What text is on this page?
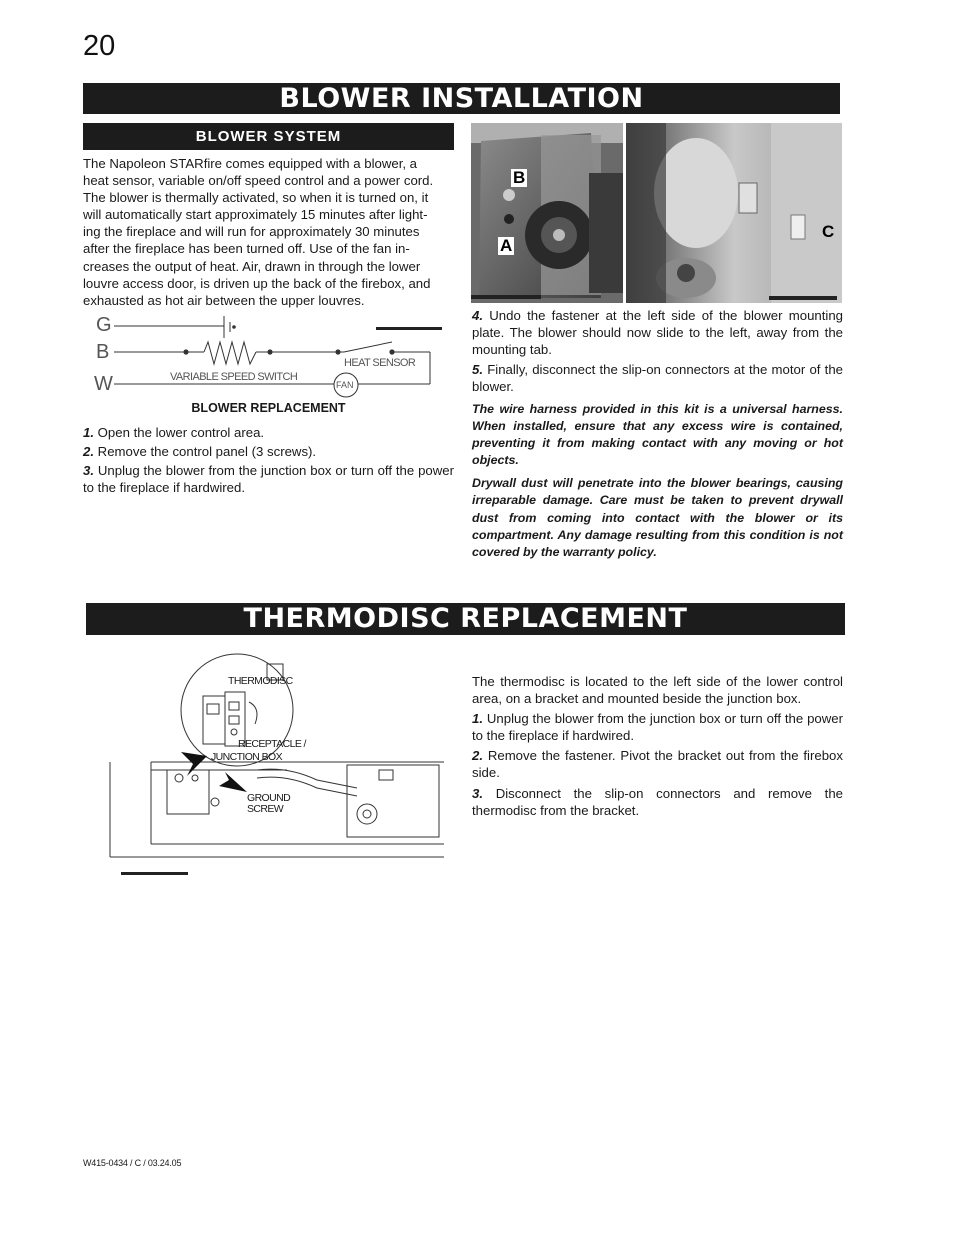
20
BLOWER INSTALLATION
BLOWER SYSTEM
The Napoleon STARfire comes equipped with a blower, a
heat sensor, variable on/off speed control and a power cord.
The blower is thermally activated, so when it is turned on, it
will automatically start approximately 15 minutes after light-
ing the fireplace and will run for approximately 30 minutes
after the fireplace has been turned off. Use of the fan in-
creases the output of heat. Air, drawn in through the lower
louvre access door, is driven up the back of the firebox, and
exhausted as hot air between the upper louvres.
G
B
W	VARIABLE SPEED SWITCH
HEAT SENSOR
FAN
BLOWER REPLACEMENT

1. Open the lower control area.

2. Remove the control panel (3 screws).

3. Unplug the blower from the junction box or turn off the power to the fireplace if hardwired.

B
A
C

4. Undo the fastener at the left side of the blower mounting plate. The blower should now slide to the left, away from the mounting tab.

5. Finally, disconnect the slip-on connectors at the motor of the blower.

The wire harness provided in this kit is a universal harness. When installed, ensure that any excess wire is contained, preventing it from making contact with any moving or hot objects.

Drywall dust will penetrate into the blower bearings, causing irreparable damage. Care must be taken to prevent drywall dust from coming into contact with the blower or its compartment. Any damage resulting from this condition is not covered by the warranty policy.

THERMODISC REPLACEMENT
THERMODISC
RECEPTACLE /
JUNCTION BOX
GROUND
SCREW

The thermodisc is located to the left side of the lower control area, on a bracket and mounted beside the junction box.

1. Unplug the blower from the junction box or turn off the power to the fireplace if hardwired.

2. Remove the fastener. Pivot the bracket out from the firebox side.

3. Disconnect the slip-on connectors and remove the thermodisc from the bracket.

W415-0434 / C / 03.24.05
